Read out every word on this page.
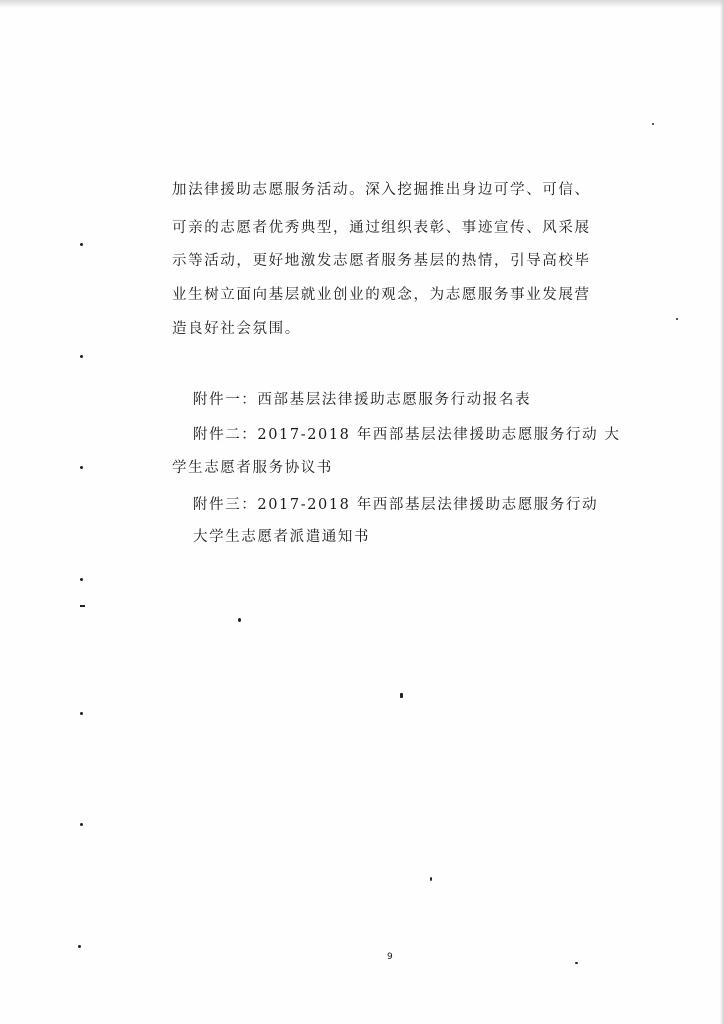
加法律援助志愿服务活动。深入挖掘推出身边可学、可信、
可亲的志愿者优秀典型，通过组织表彰、事迹宣传、风采展
示等活动，更好地激发志愿者服务基层的热情，引导高校毕
业生树立面向基层就业创业的观念，为志愿服务事业发展营
造良好社会氛围。
附件一：西部基层法律援助志愿服务行动报名表
附件二：2017-2018 年西部基层法律援助志愿服务行动 大
学生志愿者服务协议书
附件三：2017-2018 年西部基层法律援助志愿服务行动
大学生志愿者派遣通知书
9
